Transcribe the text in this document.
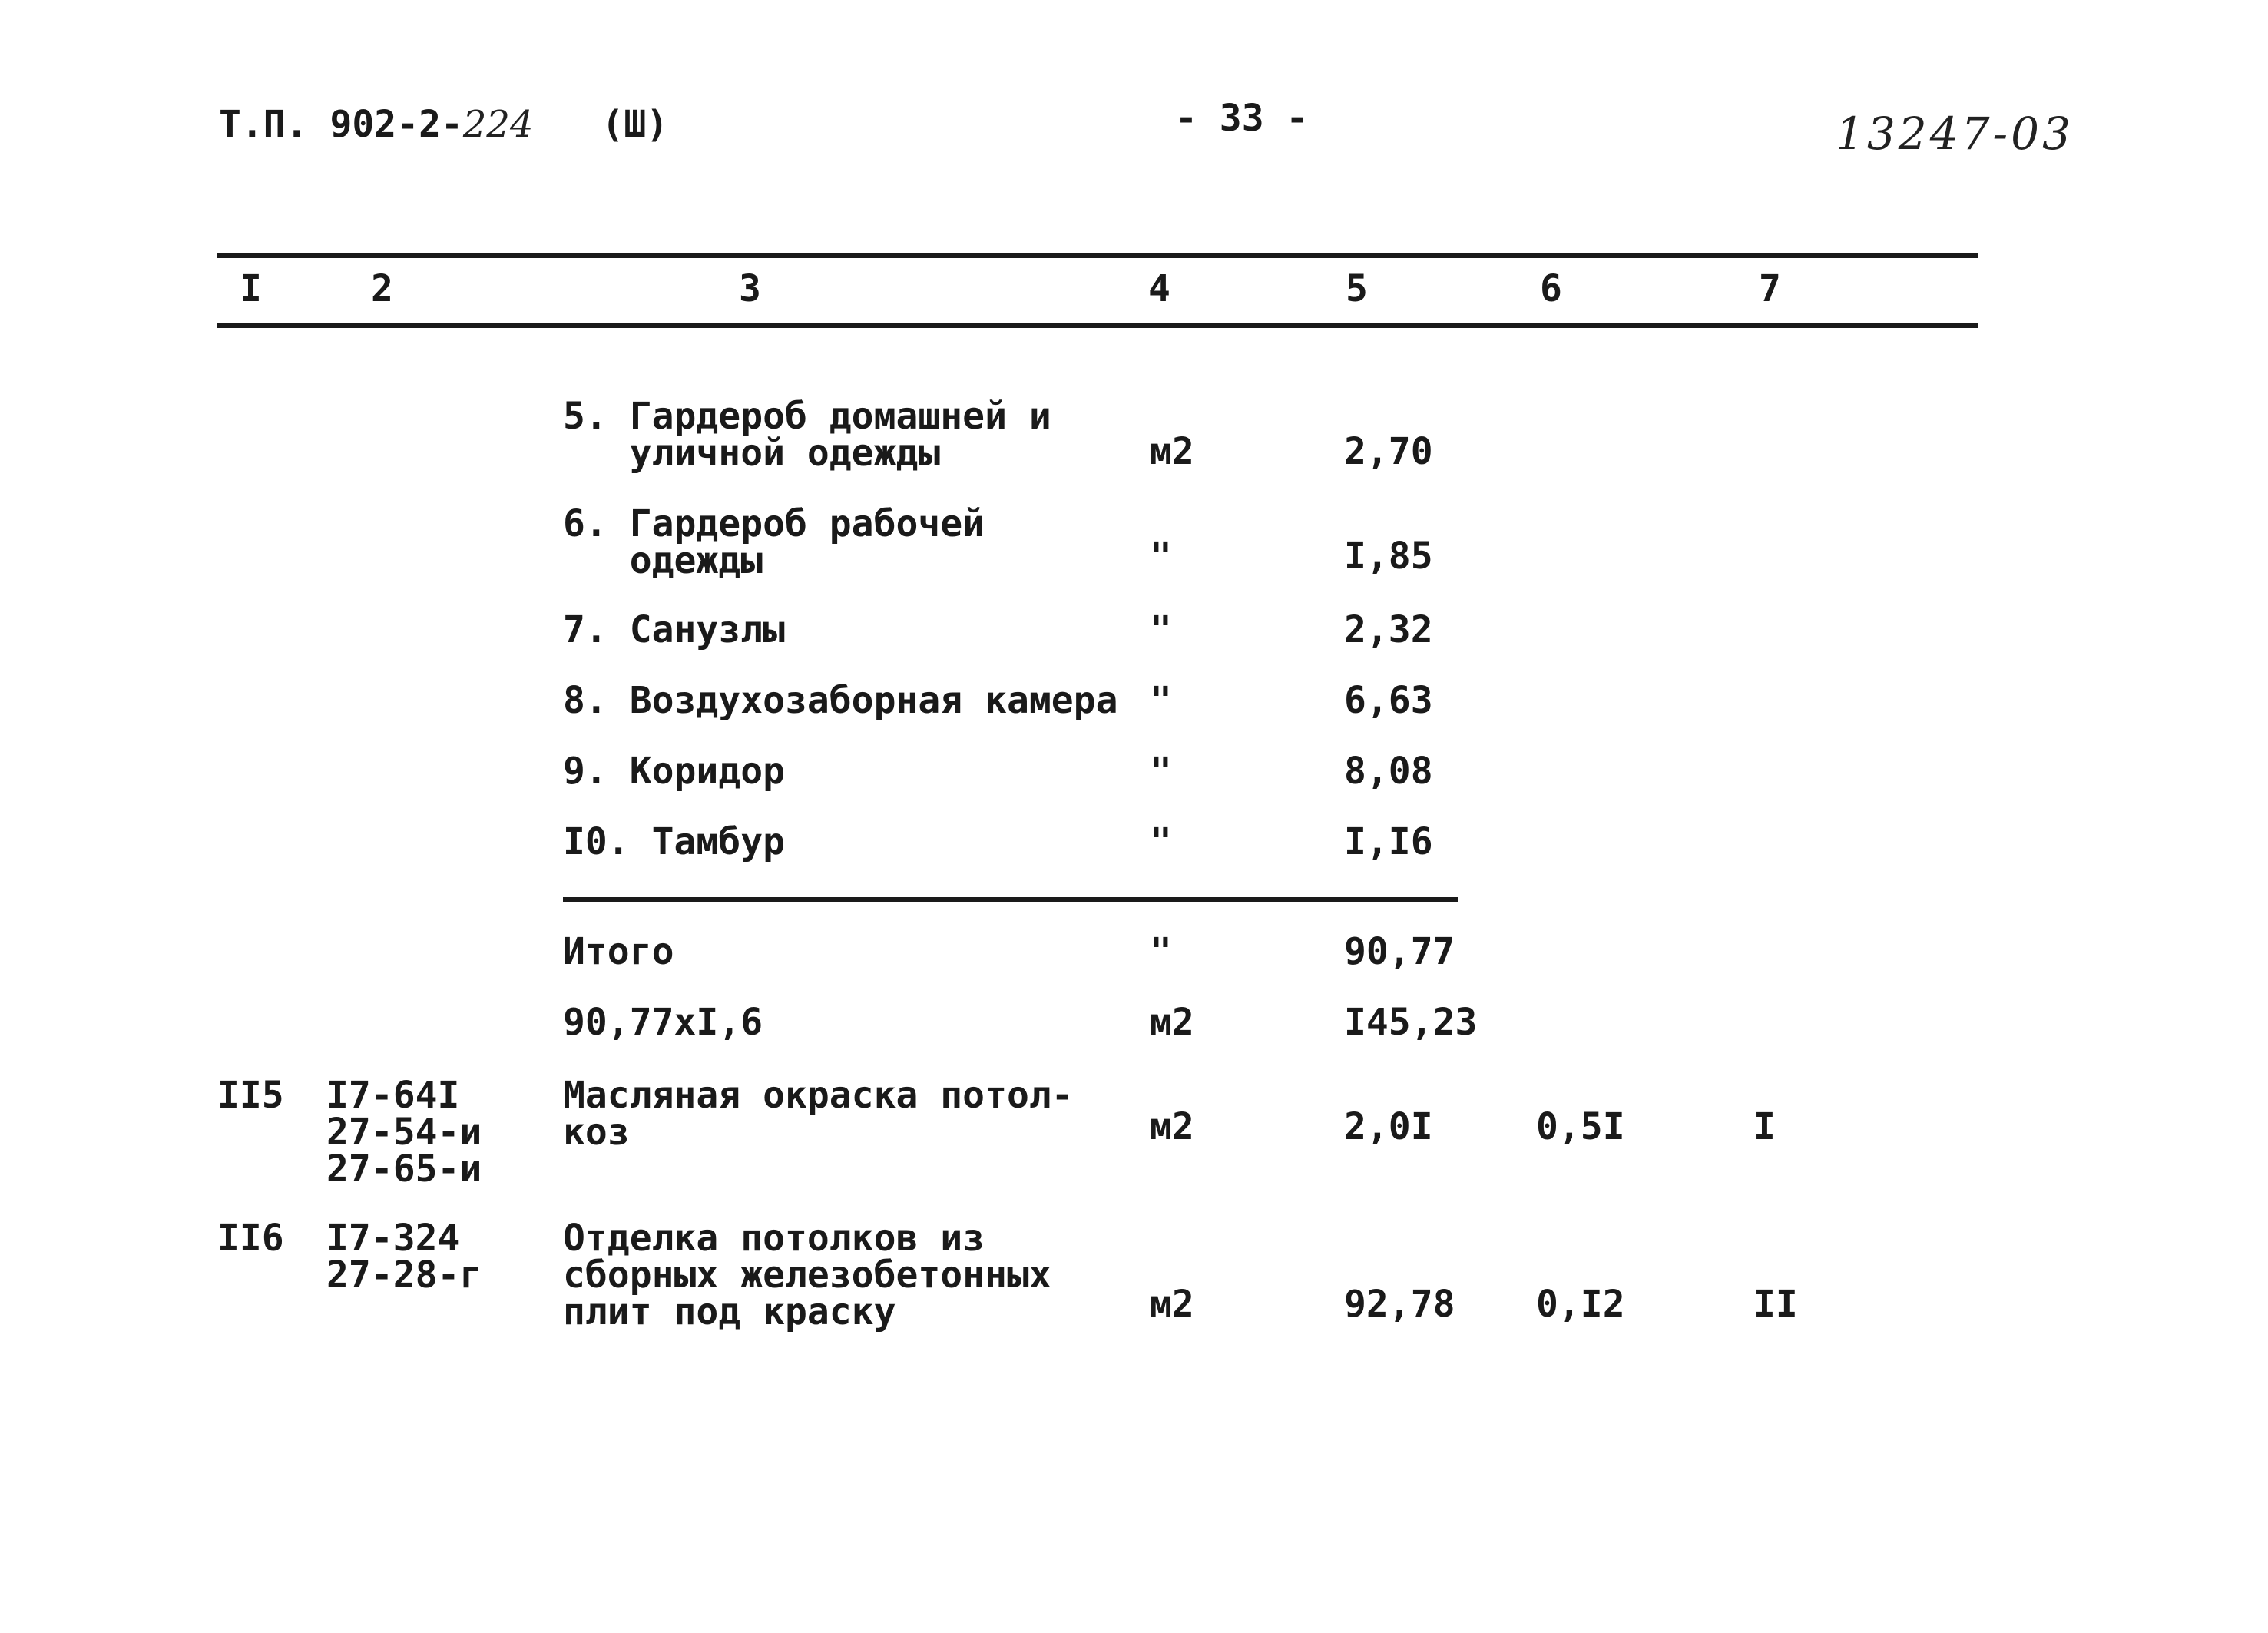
Т.П. 902-2-224 (Ш)	- 33 -	13247-03
I	2	3	4	5	6	7
5. Гардероб домашней и
уличной одежды	м2	2,70
6. Гардероб рабочей
одежды	"	I,85
7. Санузлы	"	2,32
8. Воздухозаборная камера "	6,63
9. Коридор	"	8,08
I0. Тамбур	"	I,I6
Итого	"	90,77
90,77xI,6	м2	I45,23
II5 I7-64I
27-54-и
27-65-и
Масляная окраска потол-
коз	м2	2,0I	0,5I	I
II6 I7-324
27-28-г
Отделка потолков из
сборных железобетонных
плит под краску	м2	92,78 0,I2	II
